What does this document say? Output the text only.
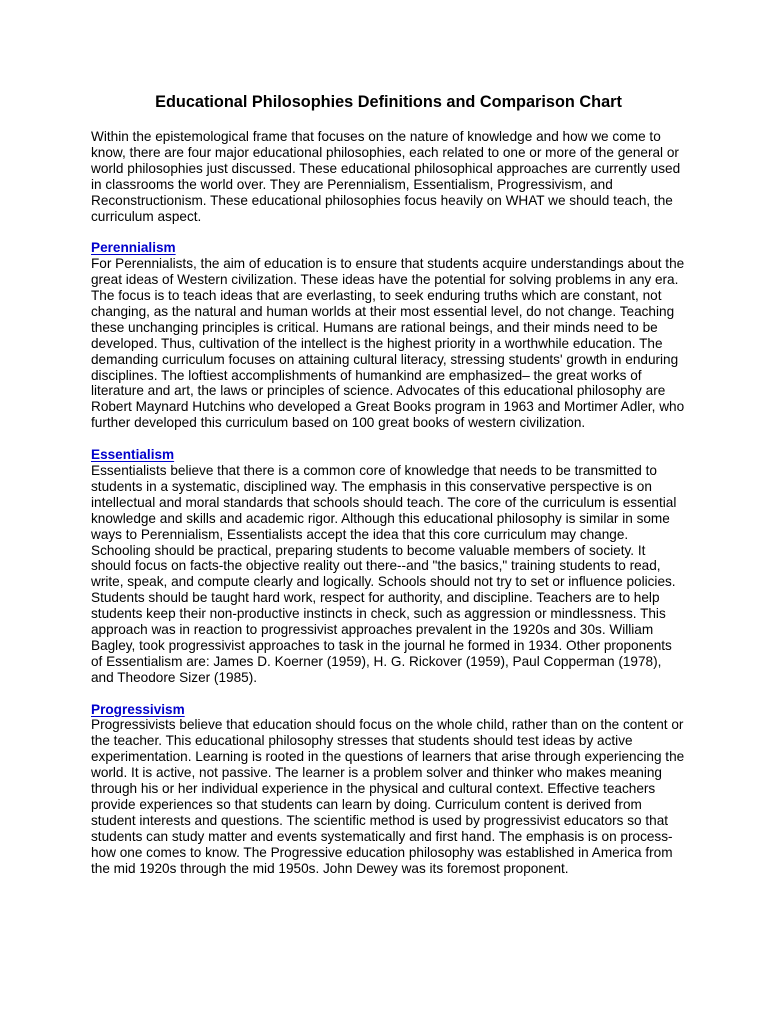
Educational Philosophies Definitions and Comparison Chart

Within the epistemological frame that focuses on the nature of knowledge and how we come to know, there are four major educational philosophies, each related to one or more of the general or world philosophies just discussed. These educational philosophical approaches are currently used in classrooms the world over. They are Perennialism, Essentialism, Progressivism, and Reconstructionism. These educational philosophies focus heavily on WHAT we should teach, the curriculum aspect.

Perennialism

For Perennialists, the aim of education is to ensure that students acquire understandings about the great ideas of Western civilization. These ideas have the potential for solving problems in any era. The focus is to teach ideas that are everlasting, to seek enduring truths which are constant, not changing, as the natural and human worlds at their most essential level, do not change. Teaching these unchanging principles is critical. Humans are rational beings, and their minds need to be developed. Thus, cultivation of the intellect is the highest priority in a worthwhile education. The demanding curriculum focuses on attaining cultural literacy, stressing students' growth in enduring disciplines. The loftiest accomplishments of humankind are emphasized– the great works of literature and art, the laws or principles of science. Advocates of this educational philosophy are Robert Maynard Hutchins who developed a Great Books program in 1963 and Mortimer Adler, who further developed this curriculum based on 100 great books of western civilization.

Essentialism

Essentialists believe that there is a common core of knowledge that needs to be transmitted to students in a systematic, disciplined way. The emphasis in this conservative perspective is on intellectual and moral standards that schools should teach. The core of the curriculum is essential knowledge and skills and academic rigor. Although this educational philosophy is similar in some ways to Perennialism, Essentialists accept the idea that this core curriculum may change. Schooling should be practical, preparing students to become valuable members of society. It should focus on facts-the objective reality out there--and "the basics," training students to read, write, speak, and compute clearly and logically. Schools should not try to set or influence policies. Students should be taught hard work, respect for authority, and discipline. Teachers are to help students keep their non-productive instincts in check, such as aggression or mindlessness. This approach was in reaction to progressivist approaches prevalent in the 1920s and 30s. William Bagley, took progressivist approaches to task in the journal he formed in 1934. Other proponents of Essentialism are: James D. Koerner (1959), H. G. Rickover (1959), Paul Copperman (1978), and Theodore Sizer (1985).

Progressivism

Progressivists believe that education should focus on the whole child, rather than on the content or the teacher. This educational philosophy stresses that students should test ideas by active experimentation. Learning is rooted in the questions of learners that arise through experiencing the world. It is active, not passive. The learner is a problem solver and thinker who makes meaning through his or her individual experience in the physical and cultural context. Effective teachers provide experiences so that students can learn by doing. Curriculum content is derived from student interests and questions. The scientific method is used by progressivist educators so that students can study matter and events systematically and first hand. The emphasis is on process-how one comes to know. The Progressive education philosophy was established in America from the mid 1920s through the mid 1950s. John Dewey was its foremost proponent.
